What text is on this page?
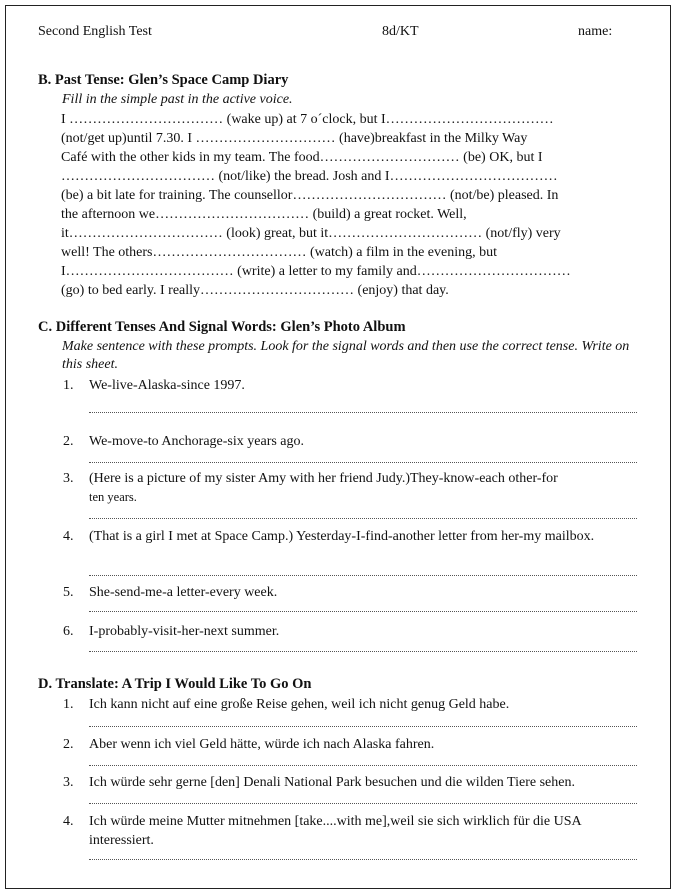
Second English Test	8d/KT	name:
B. Past Tense: Glen’s Space Camp Diary
Fill in the simple past in the active voice.
I …………………………… (wake up) at 7 o´clock, but I………………………………
(not/get up)until 7.30. I ………………………… (have)breakfast in the Milky Way
Café with the other kids in my team. The food………………………… (be) OK, but I
…………………………… (not/like) the bread. Josh and I………………………………
(be) a bit late for training. The counsellor…………………………… (not/be) pleased. In
the afternoon we…………………………… (build) a great rocket. Well,
it…………………………… (look) great, but it…………………………… (not/fly) very
well! The others…………………………… (watch) a film in the evening, but
I……………………………… (write) a letter to my family and……………………………
(go) to bed early. I really…………………………… (enjoy) that day.
C. Different Tenses And Signal Words: Glen’s Photo Album
Make sentence with these prompts. Look for the signal words and then use the correct tense. Write on this sheet.
1. We-live-Alaska-since 1997.
2. We-move-to Anchorage-six years ago.
3. (Here is a picture of my sister Amy with her friend Judy.)They-know-each other-for
ten years.
4. (That is a girl I met at Space Camp.) Yesterday-I-find-another letter from her-my mailbox.
5. She-send-me-a letter-every week.
6. I-probably-visit-her-next summer.
D. Translate: A Trip I Would Like To Go On
1. Ich kann nicht auf eine große Reise gehen, weil ich nicht genug Geld habe.
2. Aber wenn ich viel Geld hätte, würde ich nach Alaska fahren.
3. Ich würde sehr gerne [den] Denali National Park besuchen und die wilden Tiere sehen.
4. Ich würde meine Mutter mitnehmen [take....with me],weil sie sich wirklich für die USA interessiert.
